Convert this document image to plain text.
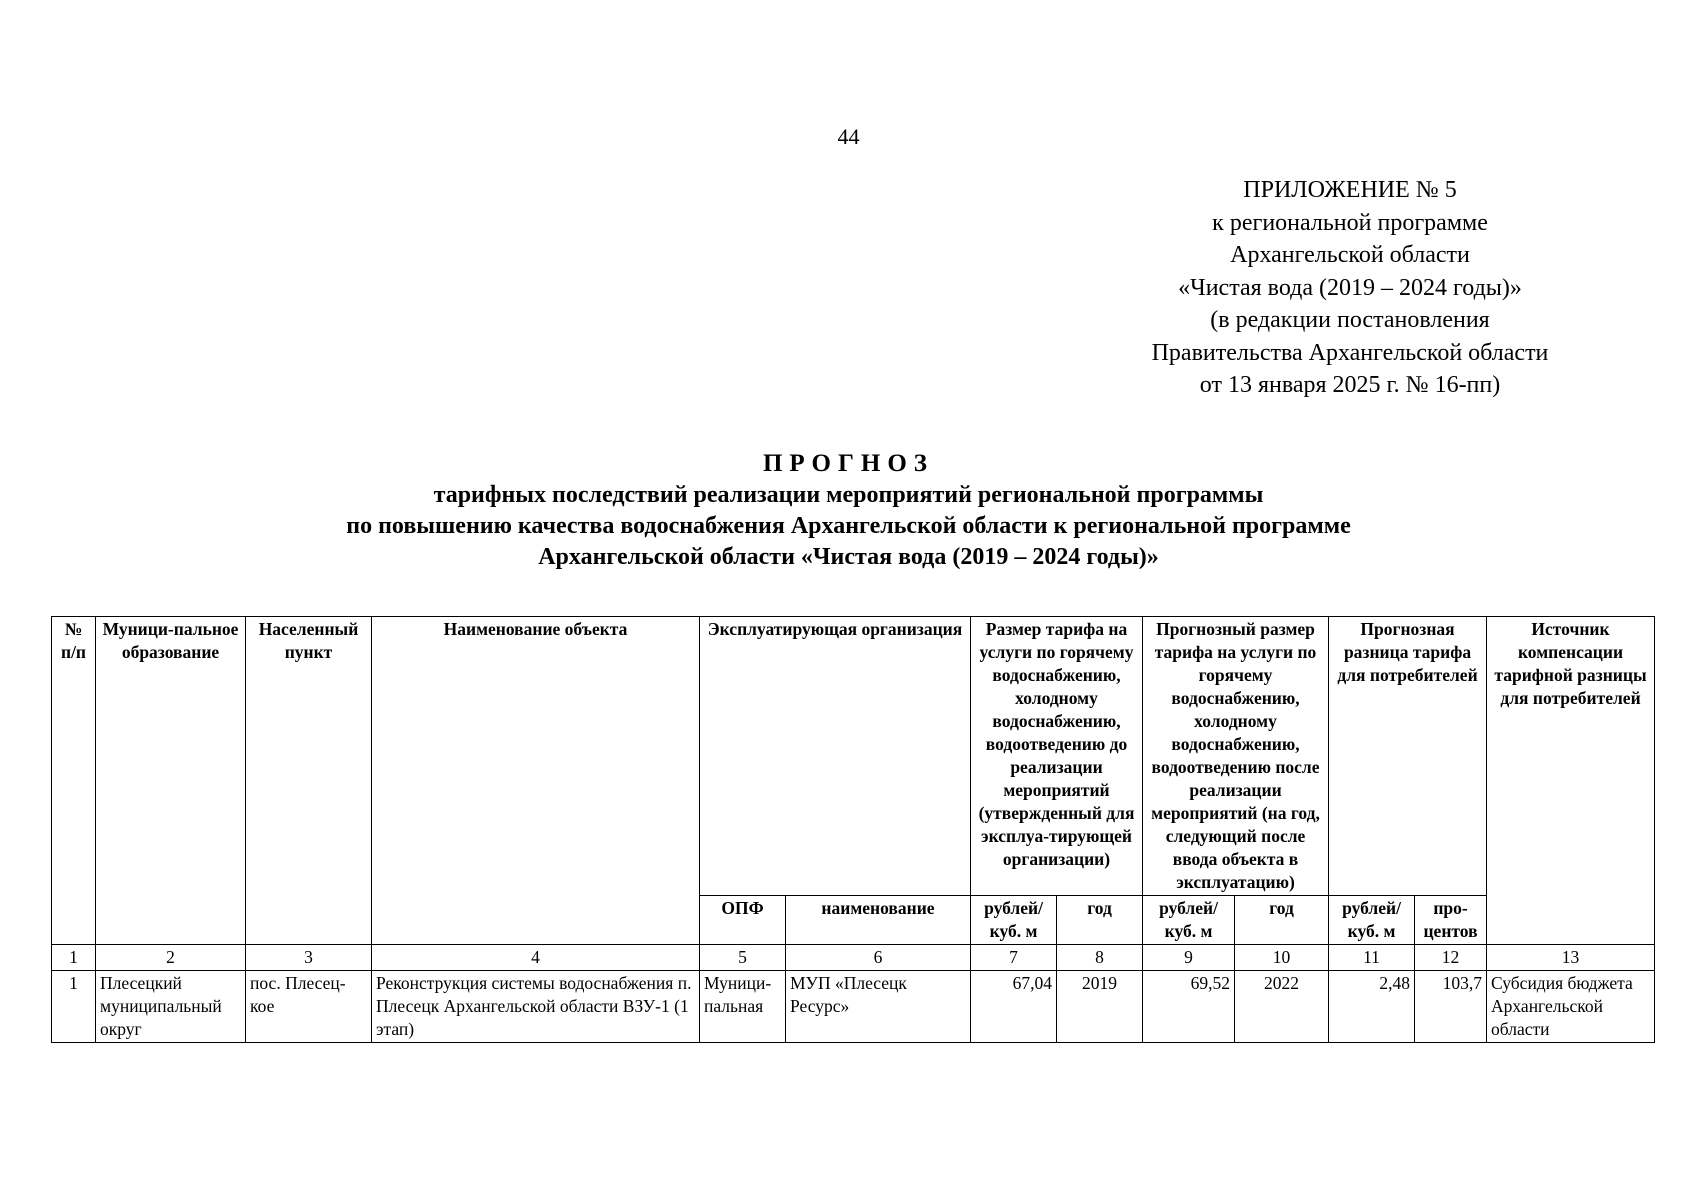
44
ПРИЛОЖЕНИЕ № 5
к региональной программе
Архангельской области
«Чистая вода (2019 – 2024 годы)»
(в редакции постановления
Правительства Архангельской области
от 13 января 2025 г. № 16-пп)
ПРОГНОЗ
тарифных последствий реализации мероприятий региональной программы
по повышению качества водоснабжения Архангельской области к региональной программе
Архангельской области «Чистая вода (2019 – 2024 годы)»
№ п/п	Муници-пальное образование	Населенный пункт	Наименование объекта	Эксплуатирующая организация		Размер тарифа на услуги по горячему водоснабжению, холодному водоснабжению, водоотведению до реализации мероприятий (утвержденный для эксплуа-тирующей организации)		Прогнозный размер тарифа на услуги по горячему водоснабжению, холодному водоснабжению, водоотведению после реализации мероприятий (на год, следующий после ввода объекта в эксплуатацию)		Прогнозная разница тарифа для потребителей		Источник компенсации тарифной разницы для потребителей
				ОПФ	наименование	рублей/ куб. м	год	рублей/ куб. м	год	рублей/ куб. м	про-центов	
1	2	3	4	5	6	7	8	9	10	11	12	13
1	Плесецкий муниципальный округ	пос. Плесец-кое	Реконструкция системы водоснабжения п. Плесецк Архангельской области ВЗУ-1 (1 этап)	Муници-пальная	МУП «Плесецк Ресурс»	67,04	2019	69,52	2022	2,48	103,7	Субсидия бюджета Архангельской области
